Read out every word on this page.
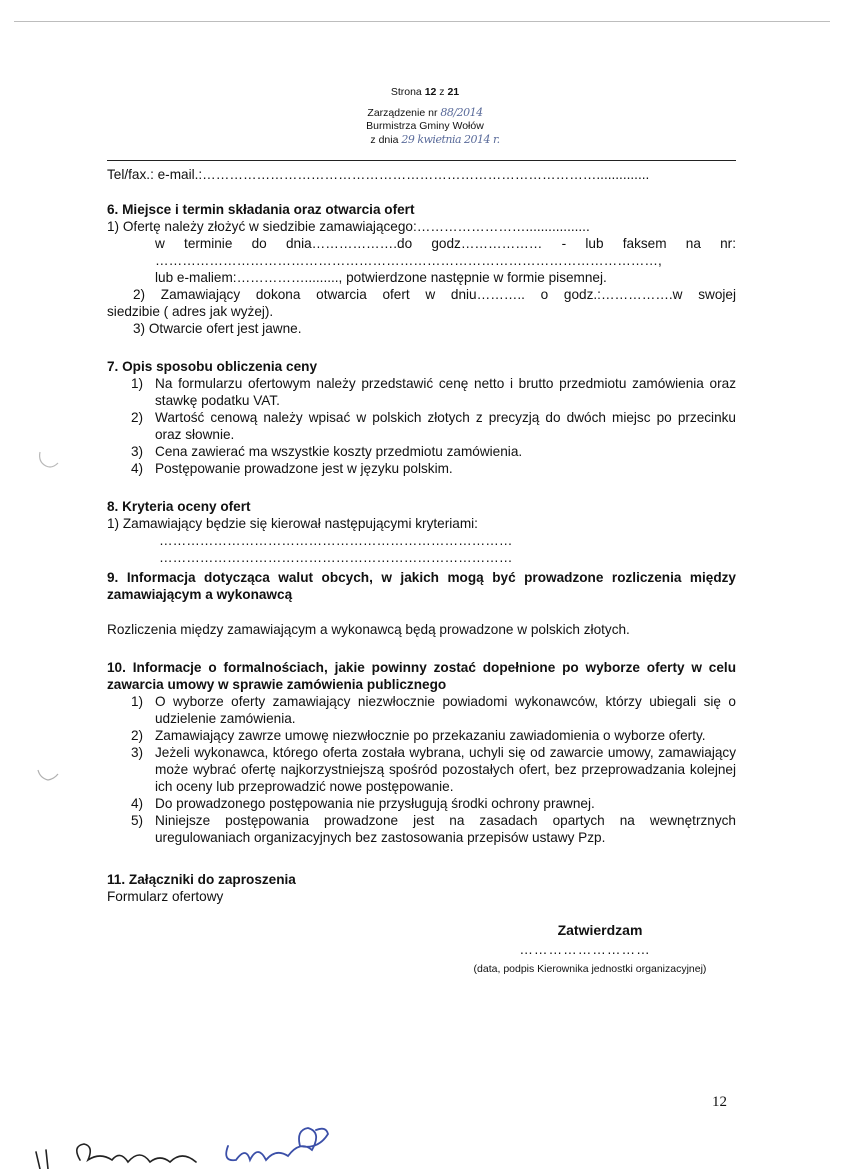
Strona 12 z 21
Zarządzenie nr 88/2014
Burmistrza Gminy Wołów
z dnia 29 kwietnia 2014 r.
Tel/fax.: e-mail.:……………………………………………………………………………..............
6. Miejsce i termin składania oraz otwarcia ofert
1) Ofertę należy złożyć w siedzibie zamawiającego:…………………….................
w terminie do dnia……………….do godz……………… - lub faksem na nr:
…………………………………………………………………………………………………,
lub e-maliem:……………........., potwierdzone następnie w formie pisemnej.
2) Zamawiający dokona otwarcia ofert w dniu……….. o godz.:…………….w swojej
siedzibie ( adres jak wyżej).
3) Otwarcie ofert jest jawne.
7. Opis sposobu obliczenia ceny
1) Na formularzu ofertowym należy przedstawić cenę netto i brutto przedmiotu zamówienia oraz stawkę podatku VAT.
2) Wartość cenową należy wpisać w polskich złotych z precyzją do dwóch miejsc po przecinku oraz słownie.
3) Cena zawierać ma wszystkie koszty przedmiotu zamówienia.
4) Postępowanie prowadzone jest w języku polskim.
8. Kryteria oceny ofert
1) Zamawiający będzie się kierował następującymi kryteriami:
……………………………………………………………………
……………………………………………………………………
9. Informacja dotycząca walut obcych, w jakich mogą być prowadzone rozliczenia między zamawiającym a wykonawcą
Rozliczenia między zamawiającym a wykonawcą będą prowadzone w polskich złotych.
10. Informacje o formalnościach, jakie powinny zostać dopełnione po wyborze oferty w celu zawarcia umowy w sprawie zamówienia publicznego
1) O wyborze oferty zamawiający niezwłocznie powiadomi wykonawców, którzy ubiegali się o udzielenie zamówienia.
2) Zamawiający zawrze umowę niezwłocznie po przekazaniu zawiadomienia o wyborze oferty.
3) Jeżeli wykonawca, którego oferta została wybrana, uchyli się od zawarcie umowy, zamawiający może wybrać ofertę najkorzystniejszą spośród pozostałych ofert, bez przeprowadzania kolejnej ich oceny lub przeprowadzić nowe postępowanie.
4) Do prowadzonego postępowania nie przysługują środki ochrony prawnej.
5) Niniejsze postępowania prowadzone jest na zasadach opartych na wewnętrznych uregulowaniach organizacyjnych bez zastosowania przepisów ustawy Pzp.
11. Załączniki do zaproszenia
Formularz ofertowy
Zatwierdzam
………………………
(data, podpis Kierownika jednostki organizacyjnej)
12
